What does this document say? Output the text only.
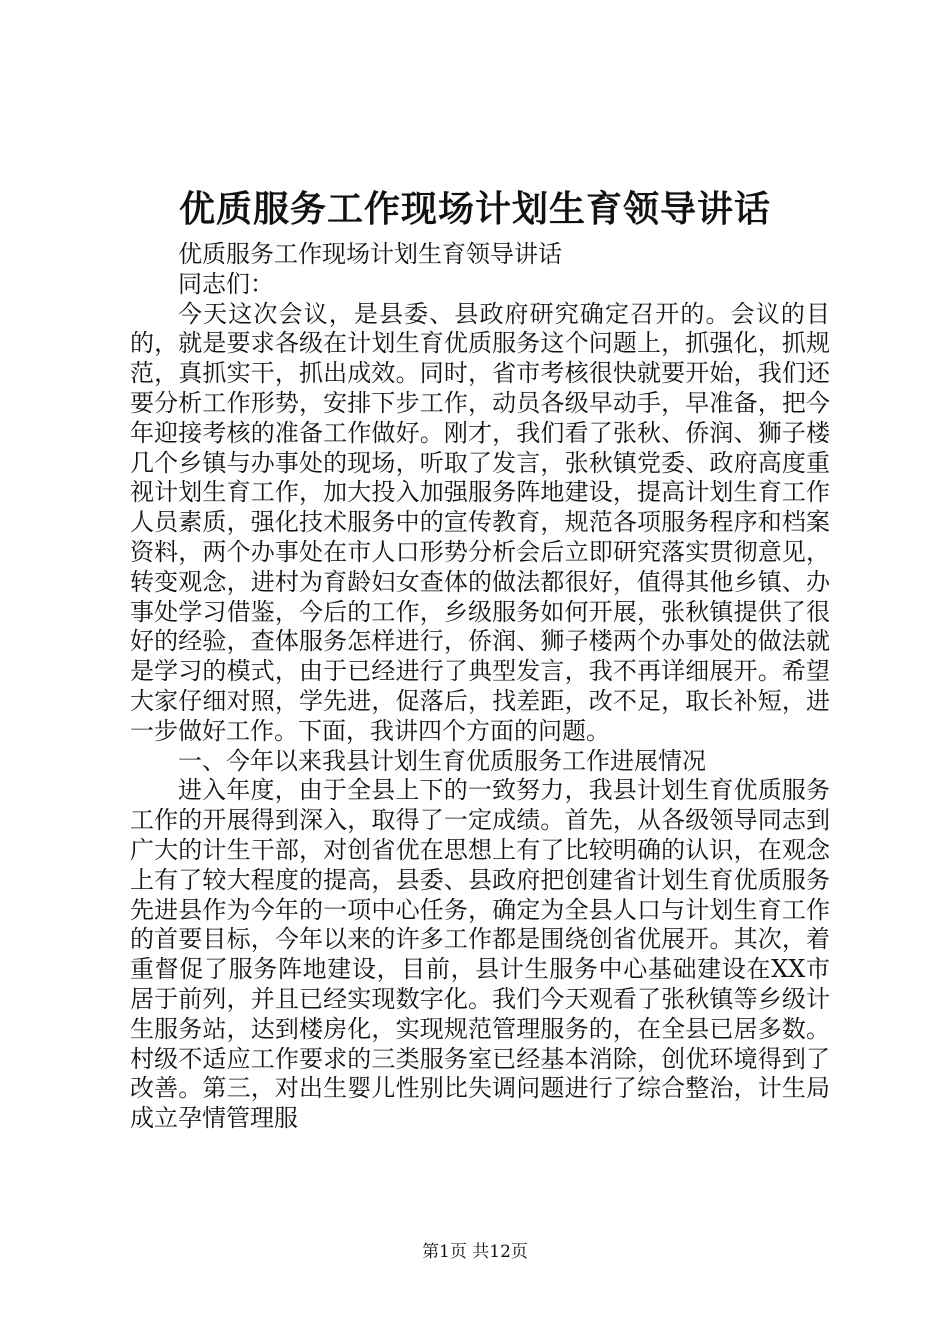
优质服务工作现场计划生育领导讲话

优质服务工作现场计划生育领导讲话

同志们：

今天这次会议，是县委、县政府研究确定召开的。会议的目的，就是要求各级在计划生育优质服务这个问题上，抓强化，抓规范，真抓实干，抓出成效。同时，省市考核很快就要开始，我们还要分析工作形势，安排下步工作，动员各级早动手，早准备，把今年迎接考核的准备工作做好。刚才，我们看了张秋、侨润、狮子楼几个乡镇与办事处的现场，听取了发言，张秋镇党委、政府高度重视计划生育工作，加大投入加强服务阵地建设，提高计划生育工作人员素质，强化技术服务中的宣传教育，规范各项服务程序和档案资料，两个办事处在市人口形势分析会后立即研究落实贯彻意见，转变观念，进村为育龄妇女查体的做法都很好，值得其他乡镇、办事处学习借鉴，今后的工作，乡级服务如何开展，张秋镇提供了很好的经验，查体服务怎样进行，侨润、狮子楼两个办事处的做法就是学习的模式，由于已经进行了典型发言，我不再详细展开。希望大家仔细对照，学先进，促落后，找差距，改不足，取长补短，进一步做好工作。下面，我讲四个方面的问题。

一、今年以来我县计划生育优质服务工作进展情况

进入年度，由于全县上下的一致努力，我县计划生育优质服务工作的开展得到深入，取得了一定成绩。首先，从各级领导同志到广大的计生干部，对创省优在思想上有了比较明确的认识，在观念上有了较大程度的提高，县委、县政府把创建省计划生育优质服务先进县作为今年的一项中心任务，确定为全县人口与计划生育工作的首要目标，今年以来的许多工作都是围绕创省优展开。其次，着重督促了服务阵地建设，目前，县计生服务中心基础建设在XX市居于前列，并且已经实现数字化。我们今天观看了张秋镇等乡级计生服务站，达到楼房化，实现规范管理服务的，在全县已居多数。村级不适应工作要求的三类服务室已经基本消除，创优环境得到了改善。第三，对出生婴儿性别比失调问题进行了综合整治，计生局成立孕情管理服

第1页 共12页
